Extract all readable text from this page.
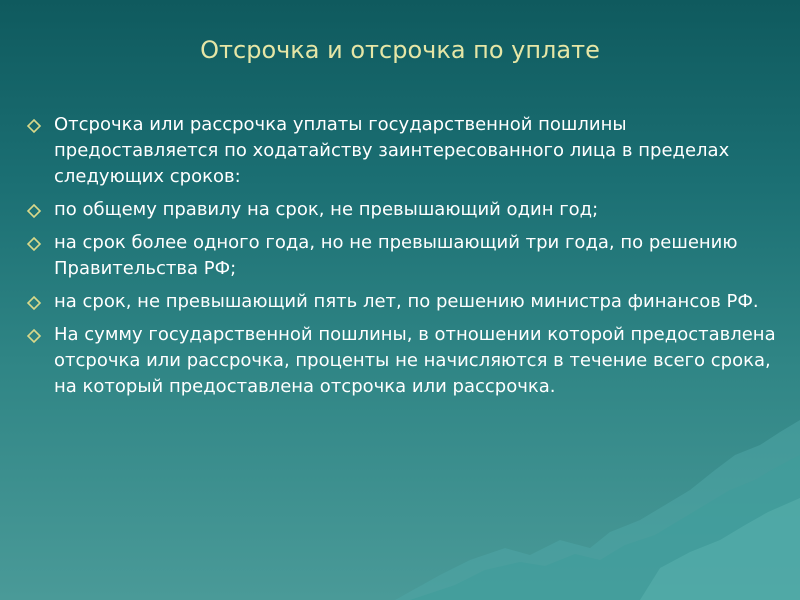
Отсрочка и отсрочка по уплате
Отсрочка или рассрочка уплаты государственной пошлины предоставляется по ходатайству заинтересованного лица в пределах следующих сроков:
по общему правилу на срок, не превышающий один год;
на срок более одного года, но не превышающий три года, по решению Правительства РФ;
на срок, не превышающий пять лет, по решению министра финансов РФ.
На сумму государственной пошлины, в отношении которой предоставлена отсрочка или рассрочка, проценты не начисляются в течение всего срока, на который предоставлена отсрочка или рассрочка.
